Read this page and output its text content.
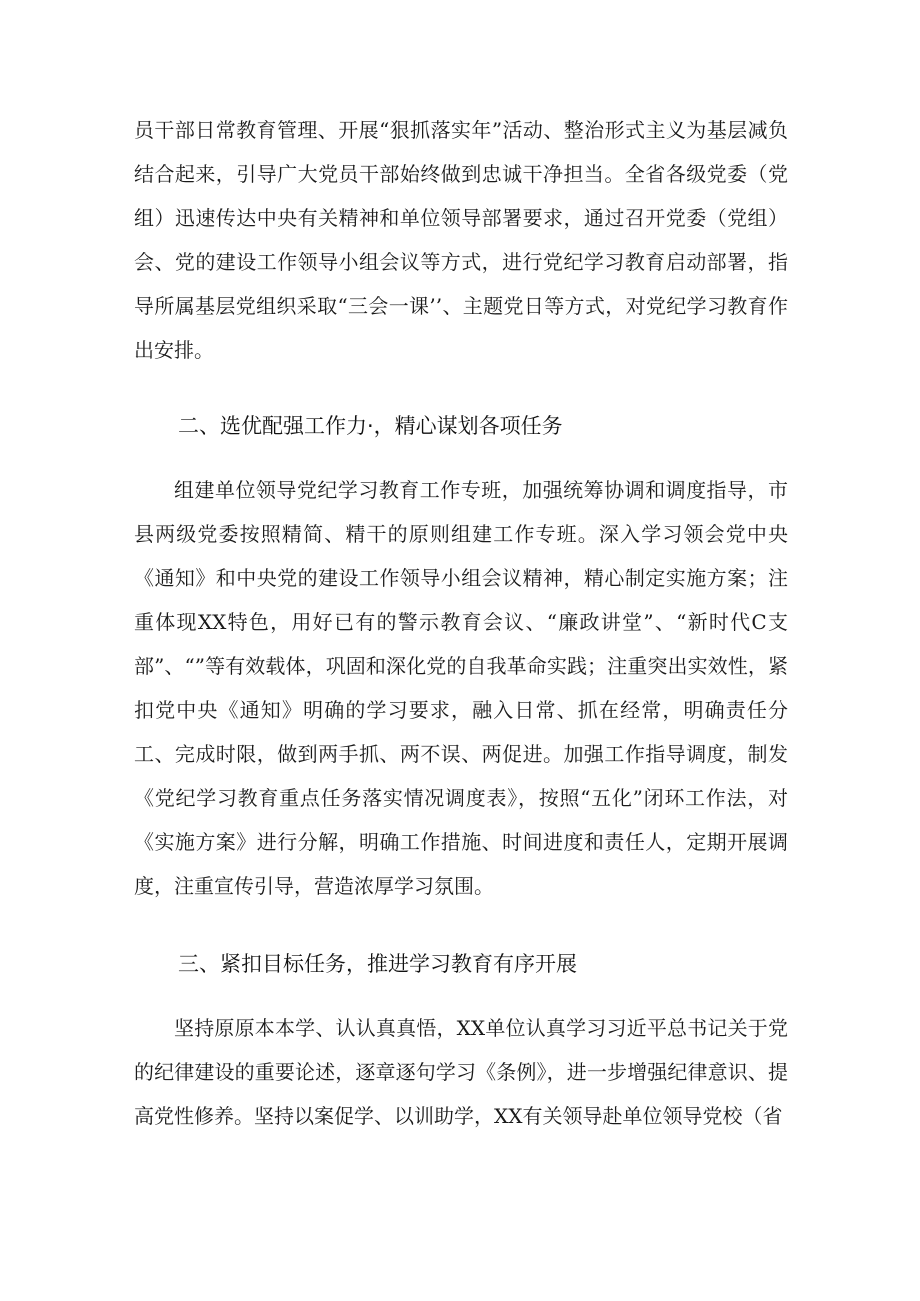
员干部日常教育管理、开展“狠抓落实年”活动、整治形式主义为基层减负结合起来，引导广大党员干部始终做到忠诚干净担当。全省各级党委（党组）迅速传达中央有关精神和单位领导部署要求，通过召开党委（党组）会、党的建设工作领导小组会议等方式，进行党纪学习教育启动部署，指导所属基层党组织采取“三会一课’’、主题党日等方式，对党纪学习教育作出安排。

二、选优配强工作力·，精心谋划各项任务

组建单位领导党纪学习教育工作专班，加强统筹协调和调度指导，市县两级党委按照精简、精干的原则组建工作专班。深入学习领会党中央《通知》和中央党的建设工作领导小组会议精神，精心制定实施方案；注重体现XX特色，用好已有的警示教育会议、“廉政讲堂”、“新时代C支部”、“”等有效载体，巩固和深化党的自我革命实践；注重突出实效性，紧扣党中央《通知》明确的学习要求，融入日常、抓在经常，明确责任分工、完成时限，做到两手抓、两不误、两促进。加强工作指导调度，制发《党纪学习教育重点任务落实情况调度表》，按照“五化”闭环工作法，对《实施方案》进行分解，明确工作措施、时间进度和责任人，定期开展调度，注重宣传引导，营造浓厚学习氛围。

三、紧扣目标任务，推进学习教育有序开展

坚持原原本本学、认认真真悟，XX单位认真学习习近平总书记关于党的纪律建设的重要论述，逐章逐句学习《条例》，进一步增强纪律意识、提高党性修养。坚持以案促学、以训助学，XX有关领导赴单位领导党校（省
